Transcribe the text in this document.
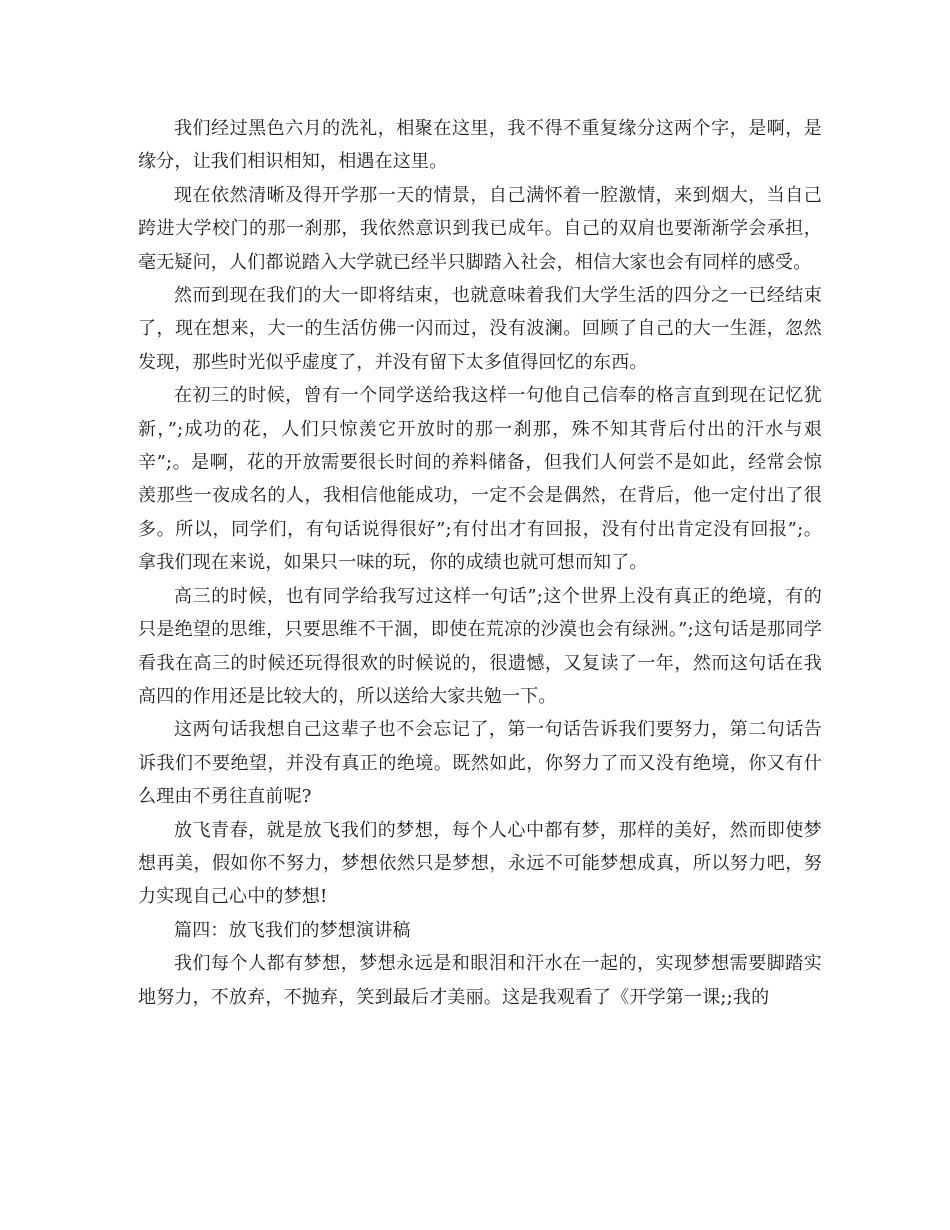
我们经过黑色六月的洗礼，相聚在这里，我不得不重复缘分这两个字，是啊，是缘分，让我们相识相知，相遇在这里。

现在依然清晰及得开学那一天的情景，自己满怀着一腔激情，来到烟大，当自己跨进大学校门的那一刹那，我依然意识到我已成年。自己的双肩也要渐渐学会承担，毫无疑问，人们都说踏入大学就已经半只脚踏入社会，相信大家也会有同样的感受。

然而到现在我们的大一即将结束，也就意味着我们大学生活的四分之一已经结束了，现在想来，大一的生活仿佛一闪而过，没有波澜。回顾了自己的大一生涯，忽然发现，那些时光似乎虚度了，并没有留下太多值得回忆的东西。

在初三的时候，曾有一个同学送给我这样一句他自己信奉的格言直到现在记忆犹新，”;成功的花，人们只惊羡它开放时的那一刹那，殊不知其背后付出的汗水与艰辛”;。是啊，花的开放需要很长时间的养料储备，但我们人何尝不是如此，经常会惊羡那些一夜成名的人，我相信他能成功，一定不会是偶然，在背后，他一定付出了很多。所以，同学们，有句话说得很好”;有付出才有回报，没有付出肯定没有回报”;。拿我们现在来说，如果只一味的玩，你的成绩也就可想而知了。

高三的时候，也有同学给我写过这样一句话”;这个世界上没有真正的绝境，有的只是绝望的思维，只要思维不干涸，即使在荒凉的沙漠也会有绿洲。”;这句话是那同学看我在高三的时候还玩得很欢的时候说的，很遗憾，又复读了一年，然而这句话在我高四的作用还是比较大的，所以送给大家共勉一下。

这两句话我想自己这辈子也不会忘记了，第一句话告诉我们要努力，第二句话告诉我们不要绝望，并没有真正的绝境。既然如此，你努力了而又没有绝境，你又有什么理由不勇往直前呢?

放飞青春，就是放飞我们的梦想，每个人心中都有梦，那样的美好，然而即使梦想再美，假如你不努力，梦想依然只是梦想，永远不可能梦想成真，所以努力吧，努力实现自己心中的梦想!

篇四：放飞我们的梦想演讲稿

我们每个人都有梦想，梦想永远是和眼泪和汗水在一起的，实现梦想需要脚踏实地努力，不放弃，不抛弃，笑到最后才美丽。这是我观看了《开学第一课;;我的
